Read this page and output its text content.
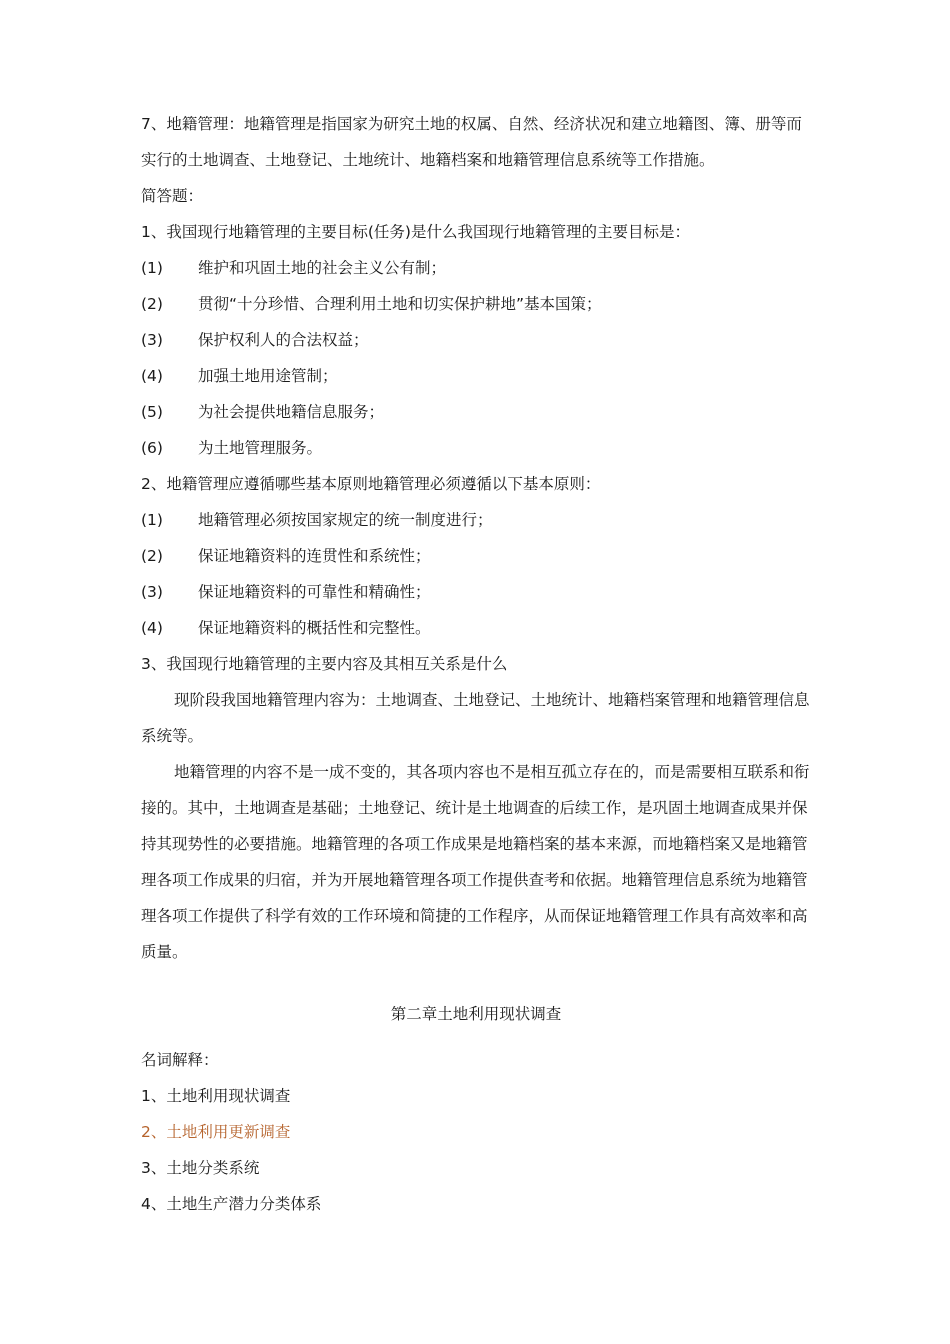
7、地籍管理：地籍管理是指国家为研究土地的权属、自然、经济状况和建立地籍图、簿、册等而实行的土地调查、土地登记、土地统计、地籍档案和地籍管理信息系统等工作措施。

简答题：

1、我国现行地籍管理的主要目标(任务)是什么我国现行地籍管理的主要目标是：

(1)	维护和巩固土地的社会主义公有制；
(2)	贯彻“十分珍惜、合理利用土地和切实保护耕地”基本国策；
(3)	保护权利人的合法权益；
(4)	加强土地用途管制；
(5)	为社会提供地籍信息服务；
(6)	为土地管理服务。

2、地籍管理应遵循哪些基本原则地籍管理必须遵循以下基本原则：

(1)	地籍管理必须按国家规定的统一制度进行；
(2)	保证地籍资料的连贯性和系统性；
(3)	保证地籍资料的可靠性和精确性；
(4)	保证地籍资料的概括性和完整性。

3、我国现行地籍管理的主要内容及其相互关系是什么

现阶段我国地籍管理内容为：土地调查、土地登记、土地统计、地籍档案管理和地籍管理信息系统等。

地籍管理的内容不是一成不变的，其各项内容也不是相互孤立存在的，而是需要相互联系和衔接的。其中，土地调查是基础；土地登记、统计是土地调查的后续工作，是巩固土地调查成果并保持其现势性的必要措施。地籍管理的各项工作成果是地籍档案的基本来源，而地籍档案又是地籍管理各项工作成果的归宿，并为开展地籍管理各项工作提供查考和依据。地籍管理信息系统为地籍管理各项工作提供了科学有效的工作环境和简捷的工作程序，从而保证地籍管理工作具有高效率和高质量。

第二章土地利用现状调查

名词解释：

1、土地利用现状调查

2、土地利用更新调查

3、土地分类系统

4、土地生产潜力分类体系
